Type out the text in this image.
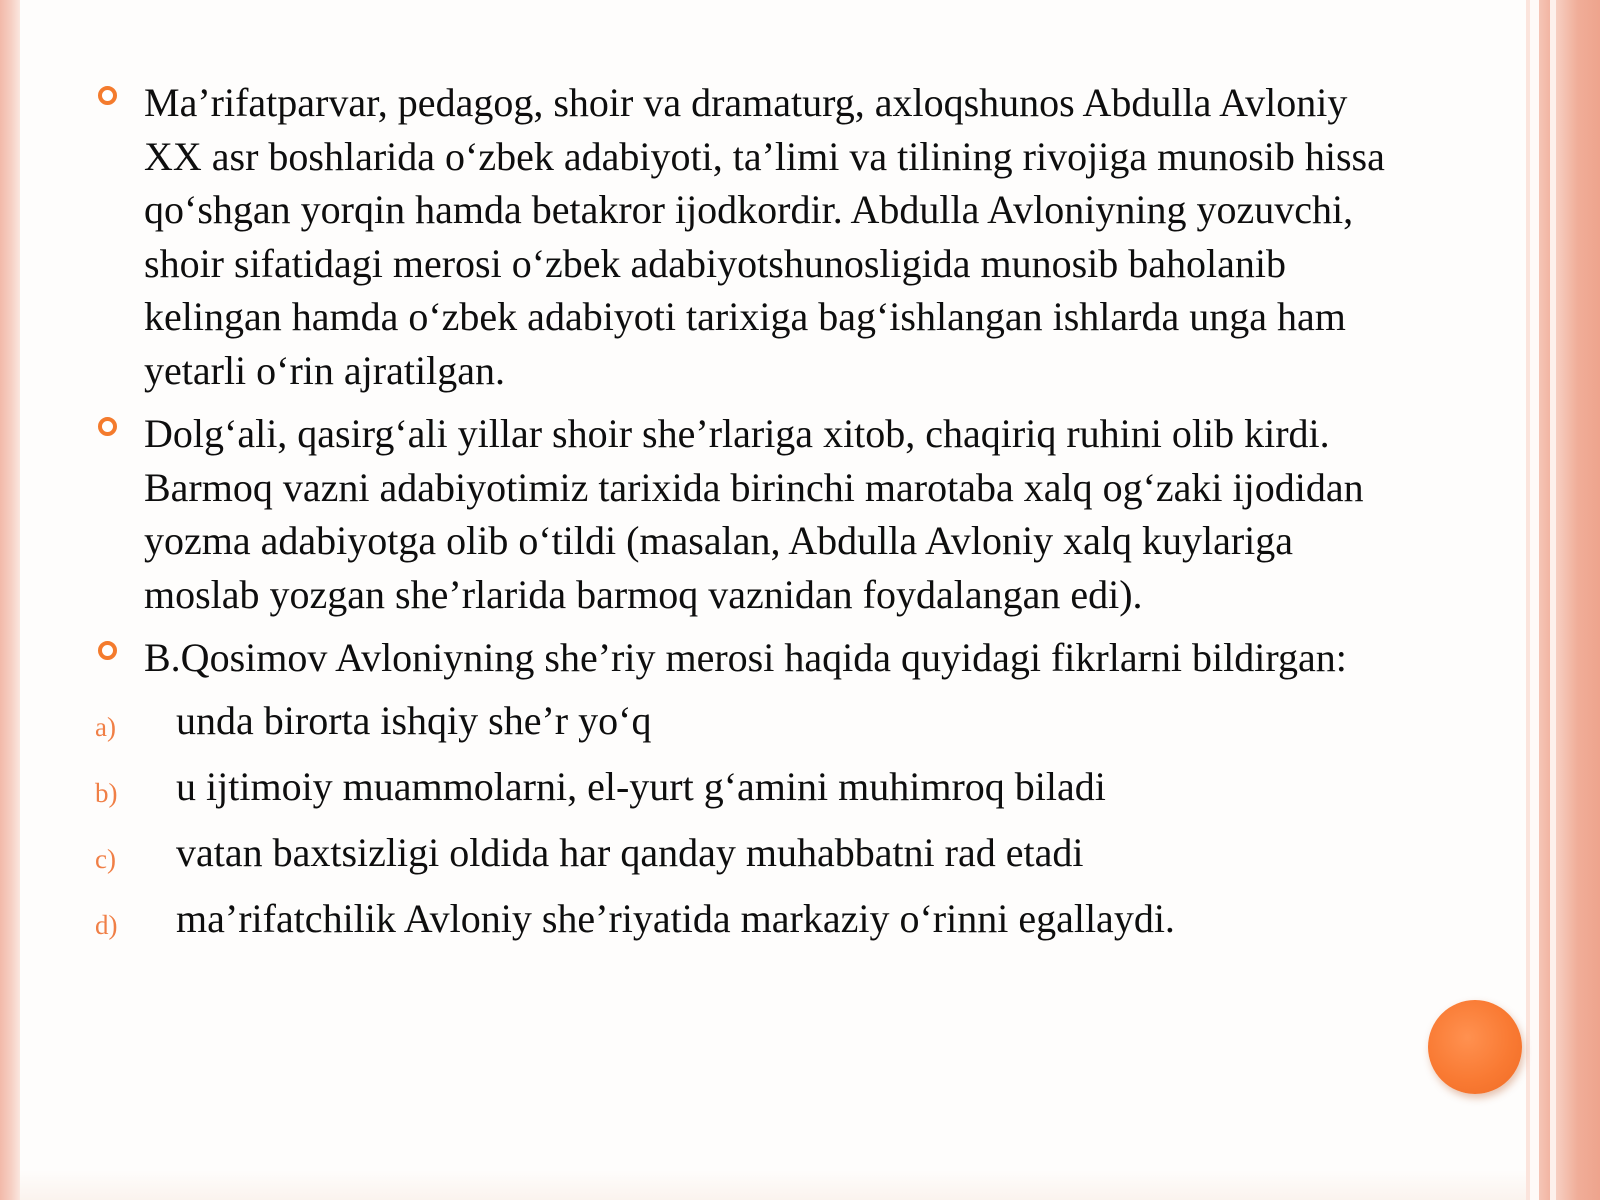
Ma’rifatparvar, pedagog, shoir va dramaturg, axloqshunos Abdulla Avloniy XX asr boshlarida o‘zbek adabiyoti, ta’limi va tilining rivojiga munosib hissa qo‘shgan yorqin hamda betakror ijodkordir. Abdulla Avloniyning yozuvchi, shoir sifatidagi merosi o‘zbek adabiyotshunosligida munosib baholanib kelingan hamda o‘zbek adabiyoti tarixiga bag‘ishlangan ishlarda unga ham yetarli o‘rin ajratilgan.
Dolg‘ali, qasirg‘ali yillar shoir she’rlariga xitob, chaqiriq ruhini olib kirdi. Barmoq vazni adabiyotimiz tarixida birinchi marotaba xalq og‘zaki ijodidan yozma adabiyotga olib o‘tildi (masalan, Abdulla Avloniy xalq kuylariga moslab yozgan she’rlarida barmoq vaznidan foydalangan edi).
B.Qosimov Avloniyning she’riy merosi haqida quyidagi fikrlarni bildirgan:
a) unda birorta ishqiy she’r yo‘q
b) u ijtimoiy muammolarni, el-yurt g‘amini muhimroq biladi
c) vatan baxtsizligi oldida har qanday muhabbatni rad etadi
d) ma’rifatchilik Avloniy she’riyatida markaziy o‘rinni egallaydi.
